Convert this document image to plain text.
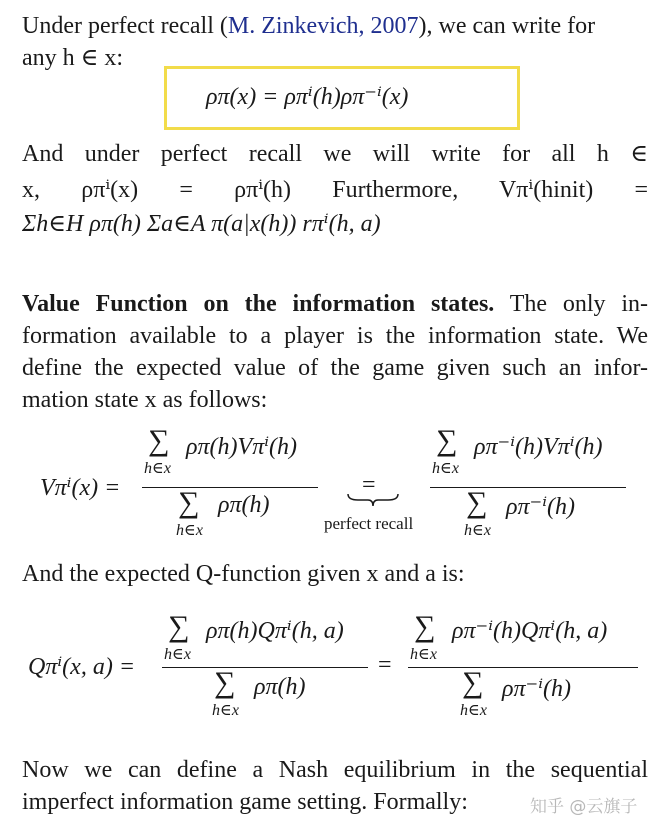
Under perfect recall (M. Zinkevich, 2007), we can write for
any h ∈ x:
ρπ(x) = ρπⁱ(h)ρπ⁻ⁱ(x)
And under perfect recall we will write for all h ∈
x, ρπⁱ(x) = ρπⁱ(h) Furthermore, Vπⁱ(hinit) =
Σh∈H ρπ(h) Σa∈A π(a|x(h)) rπⁱ(h, a)
Value Function on the information states. The only in-
formation available to a player is the information state. We
define the expected value of the game given such an infor-
mation state x as follows:
Vπⁱ(x) =
∑
h∈x
ρπ(h)Vπⁱ(h)
∑
h∈x
ρπ(h)
=
perfect recall
∑
h∈x
ρπ⁻ⁱ(h)Vπⁱ(h)
∑
h∈x
ρπ⁻ⁱ(h)
And the expected Q-function given x and a is:
Qπⁱ(x, a) =
∑
h∈x
ρπ(h)Qπⁱ(h, a)
∑
h∈x
ρπ(h)
=
∑
h∈x
ρπ⁻ⁱ(h)Qπⁱ(h, a)
∑
h∈x
ρπ⁻ⁱ(h)
Now we can define a Nash equilibrium in the sequential
imperfect information game setting. Formally:	知乎 @云旗子
